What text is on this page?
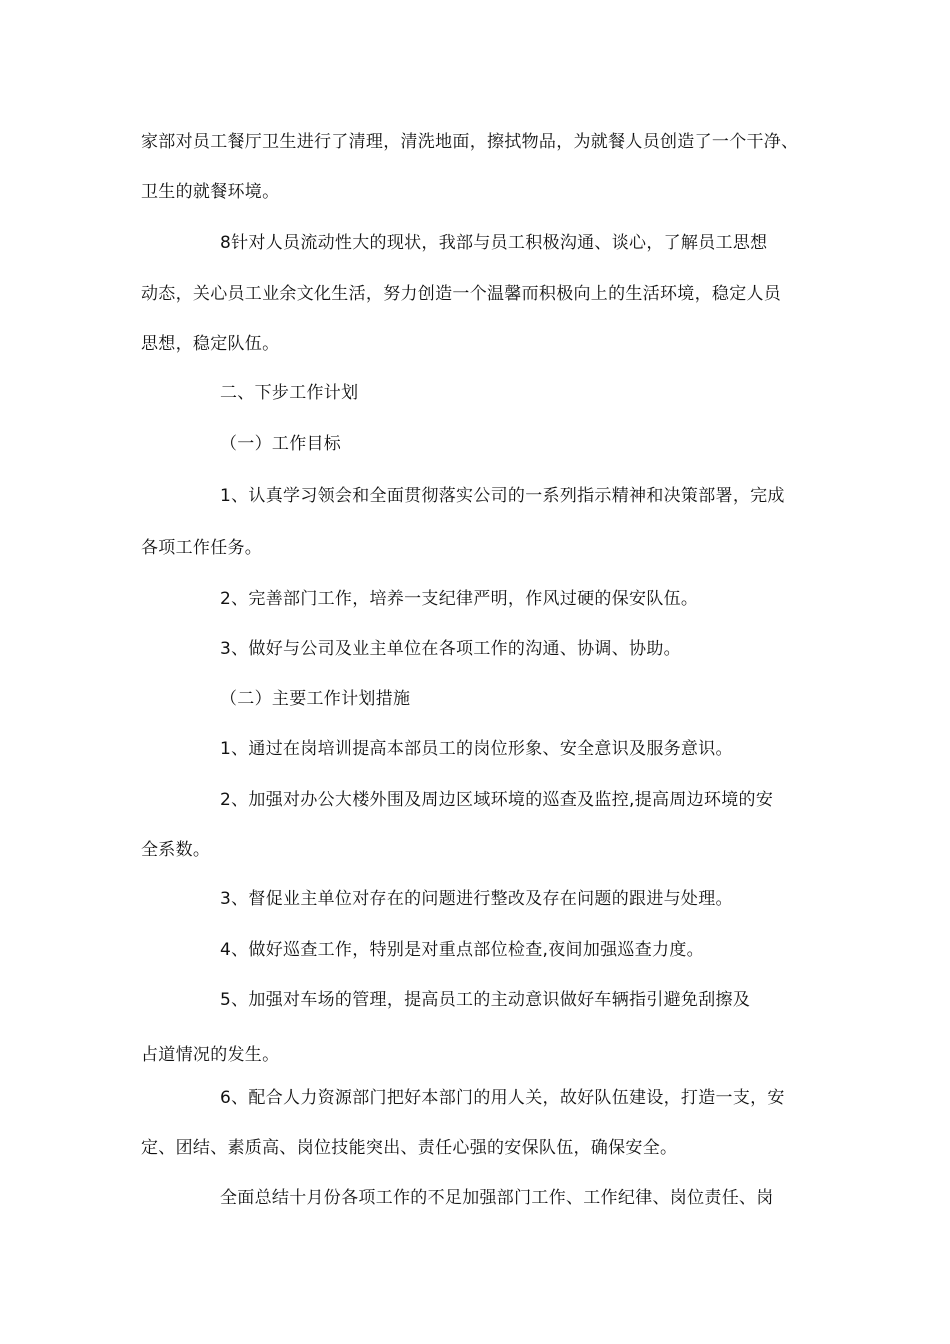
家部对员工餐厅卫生进行了清理，清洗地面，擦拭物品，为就餐人员创造了一个干净、
卫生的就餐环境。
8针对人员流动性大的现状，我部与员工积极沟通、谈心，了解员工思想
动态，关心员工业余文化生活，努力创造一个温馨而积极向上的生活环境，稳定人员
思想，稳定队伍。
二、下步工作计划
（一）工作目标
1、认真学习领会和全面贯彻落实公司的一系列指示精神和决策部署，完成
各项工作任务。
2、完善部门工作，培养一支纪律严明，作风过硬的保安队伍。
3、做好与公司及业主单位在各项工作的沟通、协调、协助。
（二）主要工作计划措施
1、通过在岗培训提高本部员工的岗位形象、安全意识及服务意识。
2、加强对办公大楼外围及周边区域环境的巡查及监控,提高周边环境的安
全系数。
3、督促业主单位对存在的问题进行整改及存在问题的跟进与处理。
4、做好巡查工作，特别是对重点部位检查,夜间加强巡查力度。
5、加强对车场的管理，提高员工的主动意识做好车辆指引避免刮擦及
占道情况的发生。
6、配合人力资源部门把好本部门的用人关，故好队伍建设，打造一支，安
定、团结、素质高、岗位技能突出、责任心强的安保队伍，确保安全。
全面总结十月份各项工作的不足加强部门工作、工作纪律、岗位责任、岗
